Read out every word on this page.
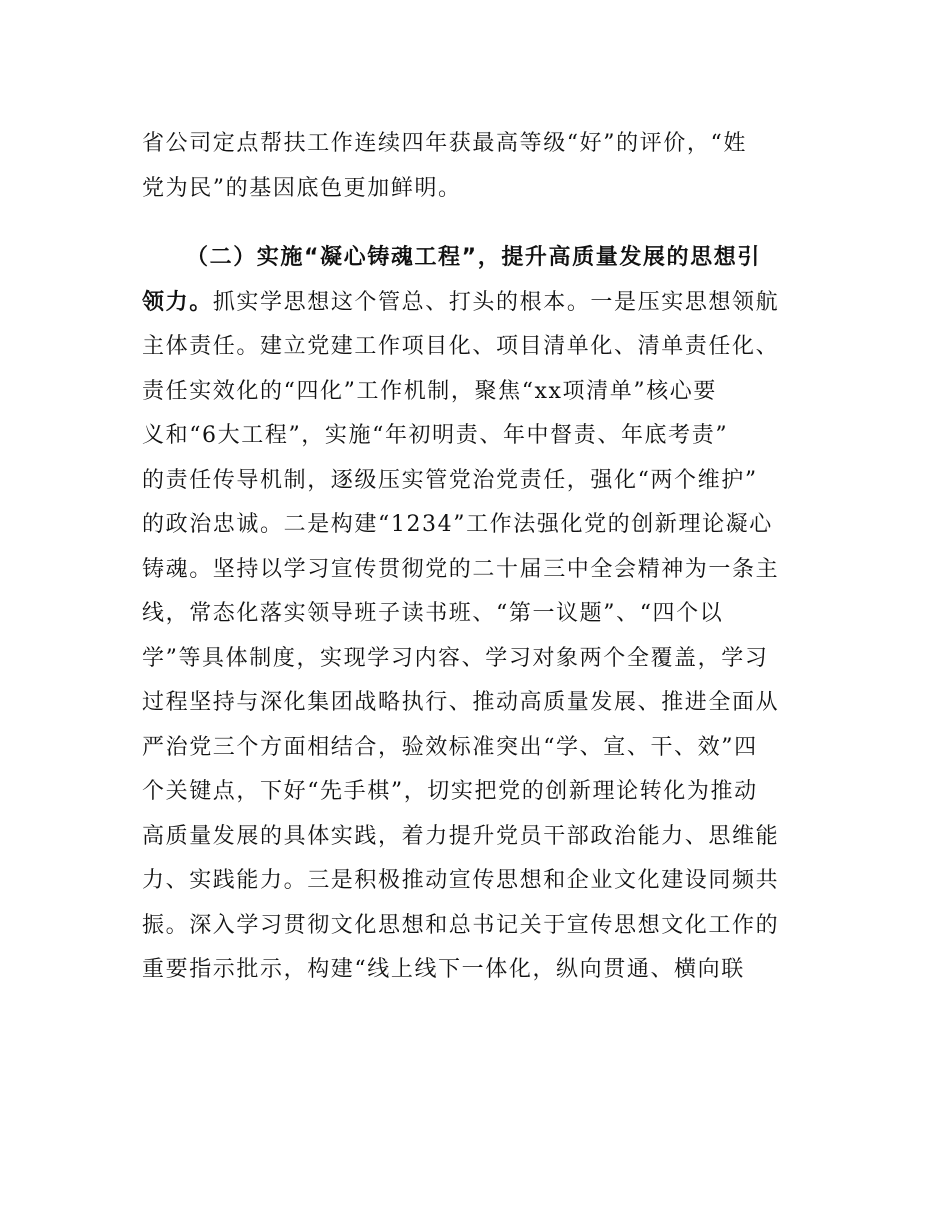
省公司定点帮扶工作连续四年获最高等级“好”的评价，“姓
党为民”的基因底色更加鲜明。
（二）实施“凝心铸魂工程”，提升高质量发展的思想引
领力。抓实学思想这个管总、打头的根本。一是压实思想领航
主体责任。建立党建工作项目化、项目清单化、清单责任化、
责任实效化的“四化”工作机制，聚焦“xx项清单”核心要
义和“6大工程”，实施“年初明责、年中督责、年底考责”
的责任传导机制，逐级压实管党治党责任，强化“两个维护”
的政治忠诚。二是构建“1234”工作法强化党的创新理论凝心
铸魂。坚持以学习宣传贯彻党的二十届三中全会精神为一条主
线，常态化落实领导班子读书班、“第一议题”、“四个以
学”等具体制度，实现学习内容、学习对象两个全覆盖，学习
过程坚持与深化集团战略执行、推动高质量发展、推进全面从
严治党三个方面相结合，验效标准突出“学、宣、干、效”四
个关键点，下好“先手棋”，切实把党的创新理论转化为推动
高质量发展的具体实践，着力提升党员干部政治能力、思维能
力、实践能力。三是积极推动宣传思想和企业文化建设同频共
振。深入学习贯彻文化思想和总书记关于宣传思想文化工作的
重要指示批示，构建“线上线下一体化，纵向贯通、横向联
